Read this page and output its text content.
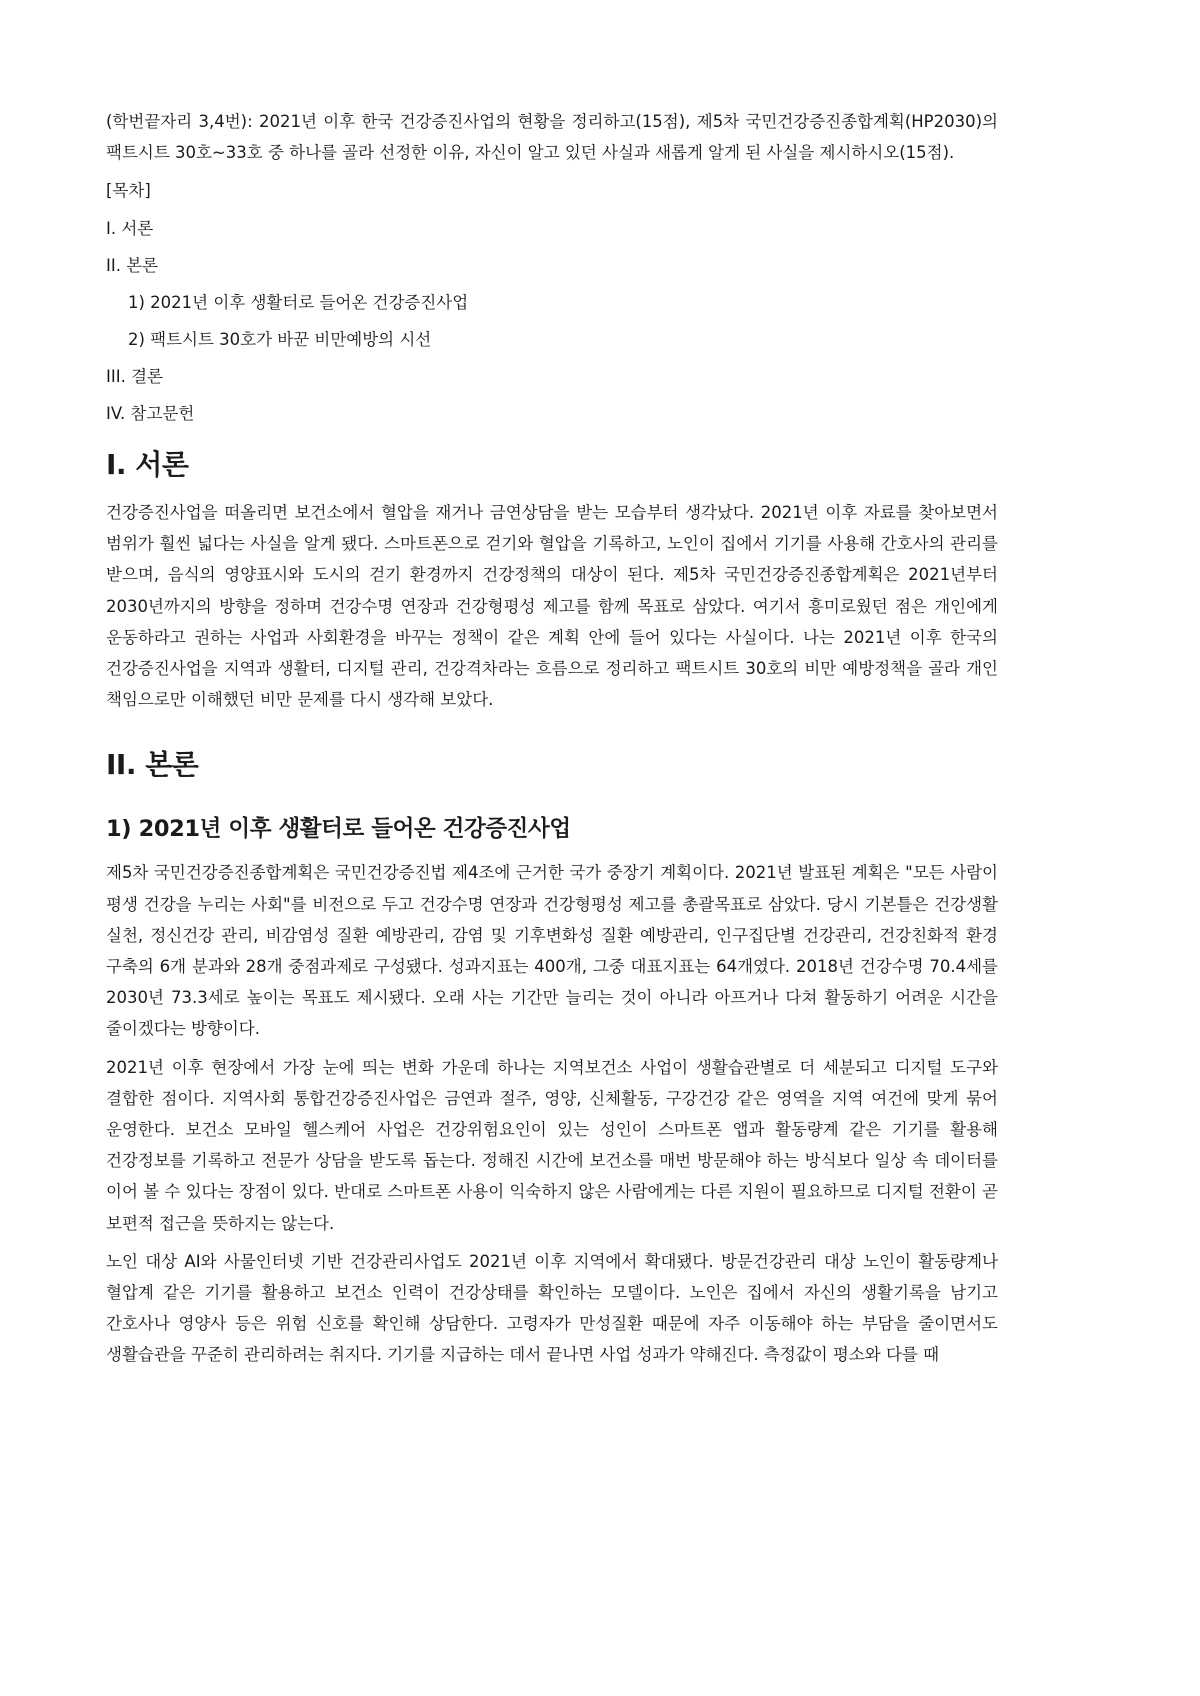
(학번끝자리 3,4번): 2021년 이후 한국 건강증진사업의 현황을 정리하고(15점), 제5차 국민건강증진종합계획(HP2030)의 팩트시트 30호~33호 중 하나를 골라 선정한 이유, 자신이 알고 있던 사실과 새롭게 알게 된 사실을 제시하시오(15점).

[목차]
I. 서론
II. 본론
1) 2021년 이후 생활터로 들어온 건강증진사업
2) 팩트시트 30호가 바꾼 비만예방의 시선
III. 결론
IV. 참고문헌
I. 서론

건강증진사업을 떠올리면 보건소에서 혈압을 재거나 금연상담을 받는 모습부터 생각났다. 2021년 이후 자료를 찾아보면서 범위가 훨씬 넓다는 사실을 알게 됐다. 스마트폰으로 걷기와 혈압을 기록하고, 노인이 집에서 기기를 사용해 간호사의 관리를 받으며, 음식의 영양표시와 도시의 걷기 환경까지 건강정책의 대상이 된다. 제5차 국민건강증진종합계획은 2021년부터 2030년까지의 방향을 정하며 건강수명 연장과 건강형평성 제고를 함께 목표로 삼았다. 여기서 흥미로웠던 점은 개인에게 운동하라고 권하는 사업과 사회환경을 바꾸는 정책이 같은 계획 안에 들어 있다는 사실이다. 나는 2021년 이후 한국의 건강증진사업을 지역과 생활터, 디지털 관리, 건강격차라는 흐름으로 정리하고 팩트시트 30호의 비만 예방정책을 골라 개인 책임으로만 이해했던 비만 문제를 다시 생각해 보았다.

II. 본론
1) 2021년 이후 생활터로 들어온 건강증진사업

제5차 국민건강증진종합계획은 국민건강증진법 제4조에 근거한 국가 중장기 계획이다. 2021년 발표된 계획은 "모든 사람이 평생 건강을 누리는 사회"를 비전으로 두고 건강수명 연장과 건강형평성 제고를 총괄목표로 삼았다. 당시 기본틀은 건강생활 실천, 정신건강 관리, 비감염성 질환 예방관리, 감염 및 기후변화성 질환 예방관리, 인구집단별 건강관리, 건강친화적 환경 구축의 6개 분과와 28개 중점과제로 구성됐다. 성과지표는 400개, 그중 대표지표는 64개였다. 2018년 건강수명 70.4세를 2030년 73.3세로 높이는 목표도 제시됐다. 오래 사는 기간만 늘리는 것이 아니라 아프거나 다쳐 활동하기 어려운 시간을 줄이겠다는 방향이다.

2021년 이후 현장에서 가장 눈에 띄는 변화 가운데 하나는 지역보건소 사업이 생활습관별로 더 세분되고 디지털 도구와 결합한 점이다. 지역사회 통합건강증진사업은 금연과 절주, 영양, 신체활동, 구강건강 같은 영역을 지역 여건에 맞게 묶어 운영한다. 보건소 모바일 헬스케어 사업은 건강위험요인이 있는 성인이 스마트폰 앱과 활동량계 같은 기기를 활용해 건강정보를 기록하고 전문가 상담을 받도록 돕는다. 정해진 시간에 보건소를 매번 방문해야 하는 방식보다 일상 속 데이터를 이어 볼 수 있다는 장점이 있다. 반대로 스마트폰 사용이 익숙하지 않은 사람에게는 다른 지원이 필요하므로 디지털 전환이 곧 보편적 접근을 뜻하지는 않는다.

노인 대상 AI와 사물인터넷 기반 건강관리사업도 2021년 이후 지역에서 확대됐다. 방문건강관리 대상 노인이 활동량계나 혈압계 같은 기기를 활용하고 보건소 인력이 건강상태를 확인하는 모델이다. 노인은 집에서 자신의 생활기록을 남기고 간호사나 영양사 등은 위험 신호를 확인해 상담한다. 고령자가 만성질환 때문에 자주 이동해야 하는 부담을 줄이면서도 생활습관을 꾸준히 관리하려는 취지다. 기기를 지급하는 데서 끝나면 사업 성과가 약해진다. 측정값이 평소와 다를 때
